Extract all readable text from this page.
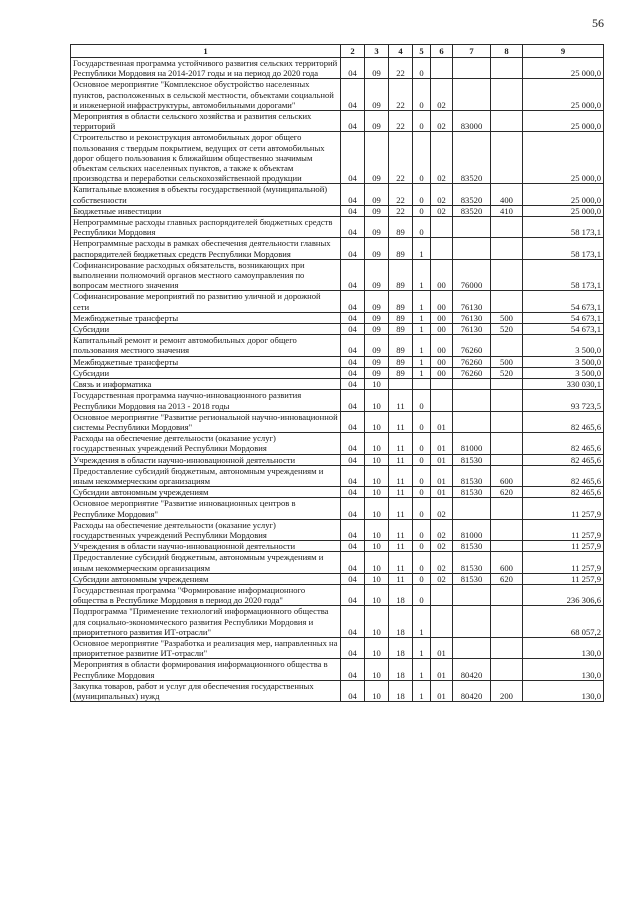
56
1	2	3	4	5	6	7	8	9
Государственная программа устойчивого развития сельских территорий Республики Мордовия на 2014-2017 годы и на период до 2020 года	04	09	22	0				25 000,0
Основное мероприятие "Комплексное обустройство населенных пунктов, расположенных в сельской местности, объектами социальной и инженерной инфраструктуры, автомобильными дорогами"	04	09	22	0	02			25 000,0
Мероприятия в области сельского хозяйства и развития сельских территорий	04	09	22	0	02	83000		25 000,0
Строительство и реконструкция автомобильных дорог общего пользования с твердым покрытием, ведущих от сети автомобильных дорог общего пользования к ближайшим общественно значимым объектам сельских населенных пунктов, а также к объектам производства и переработки сельскохозяйственной продукции	04	09	22	0	02	83520		25 000,0
Капитальные вложения в объекты государственной (муниципальной) собственности	04	09	22	0	02	83520	400	25 000,0
Бюджетные инвестиции	04	09	22	0	02	83520	410	25 000,0
Непрограммные расходы главных распорядителей бюджетных средств Республики Мордовия	04	09	89	0				58 173,1
Непрограммные расходы в рамках обеспечения деятельности главных распорядителей бюджетных средств Республики Мордовия	04	09	89	1				58 173,1
Софинансирование расходных обязательств, возникающих при выполнении полномочий органов местного самоуправления по вопросам местного значения	04	09	89	1	00	76000		58 173,1
Софинансирование мероприятий по развитию уличной и дорожной сети	04	09	89	1	00	76130		54 673,1
Межбюджетные трансферты	04	09	89	1	00	76130	500	54 673,1
Субсидии	04	09	89	1	00	76130	520	54 673,1
Капитальный ремонт и ремонт автомобильных дорог общего пользования местного значения	04	09	89	1	00	76260		3 500,0
Межбюджетные трансферты	04	09	89	1	00	76260	500	3 500,0
Субсидии	04	09	89	1	00	76260	520	3 500,0
Связь и информатика	04	10						330 030,1
Государственная программа научно-инновационного развития Республики Мордовия на 2013 - 2018 годы	04	10	11	0				93 723,5
Основное мероприятие "Развитие региональной научно-инновационной системы Республики Мордовия"	04	10	11	0	01			82 465,6
Расходы на обеспечение деятельности (оказание услуг) государственных учреждений Республики Мордовия	04	10	11	0	01	81000		82 465,6
Учреждения в области научно-инновационной деятельности	04	10	11	0	01	81530		82 465,6
Предоставление субсидий бюджетным, автономным учреждениям и иным некоммерческим организациям	04	10	11	0	01	81530	600	82 465,6
Субсидии автономным учреждениям	04	10	11	0	01	81530	620	82 465,6
Основное мероприятие "Развитие инновационных центров в Республике Мордовия"	04	10	11	0	02			11 257,9
Расходы на обеспечение деятельности (оказание услуг) государственных учреждений Республики Мордовия	04	10	11	0	02	81000		11 257,9
Учреждения в области научно-инновационной деятельности	04	10	11	0	02	81530		11 257,9
Предоставление субсидий бюджетным, автономным учреждениям и иным некоммерческим организациям	04	10	11	0	02	81530	600	11 257,9
Субсидии автономным учреждениям	04	10	11	0	02	81530	620	11 257,9
Государственная программа "Формирование информационного общества в Республике Мордовия в период до 2020 года"	04	10	18	0				236 306,6
Подпрограмма "Применение технологий информационного общества для социально-экономического развития Республики Мордовия и приоритетного развития ИТ-отрасли"	04	10	18	1				68 057,2
Основное мероприятие "Разработка и реализация мер, направленных на приоритетное развитие ИТ-отрасли"	04	10	18	1	01			130,0
Мероприятия в области формирования информационного общества в Республике Мордовия	04	10	18	1	01	80420		130,0
Закупка товаров, работ и услуг для обеспечения государственных (муниципальных) нужд	04	10	18	1	01	80420	200	130,0
